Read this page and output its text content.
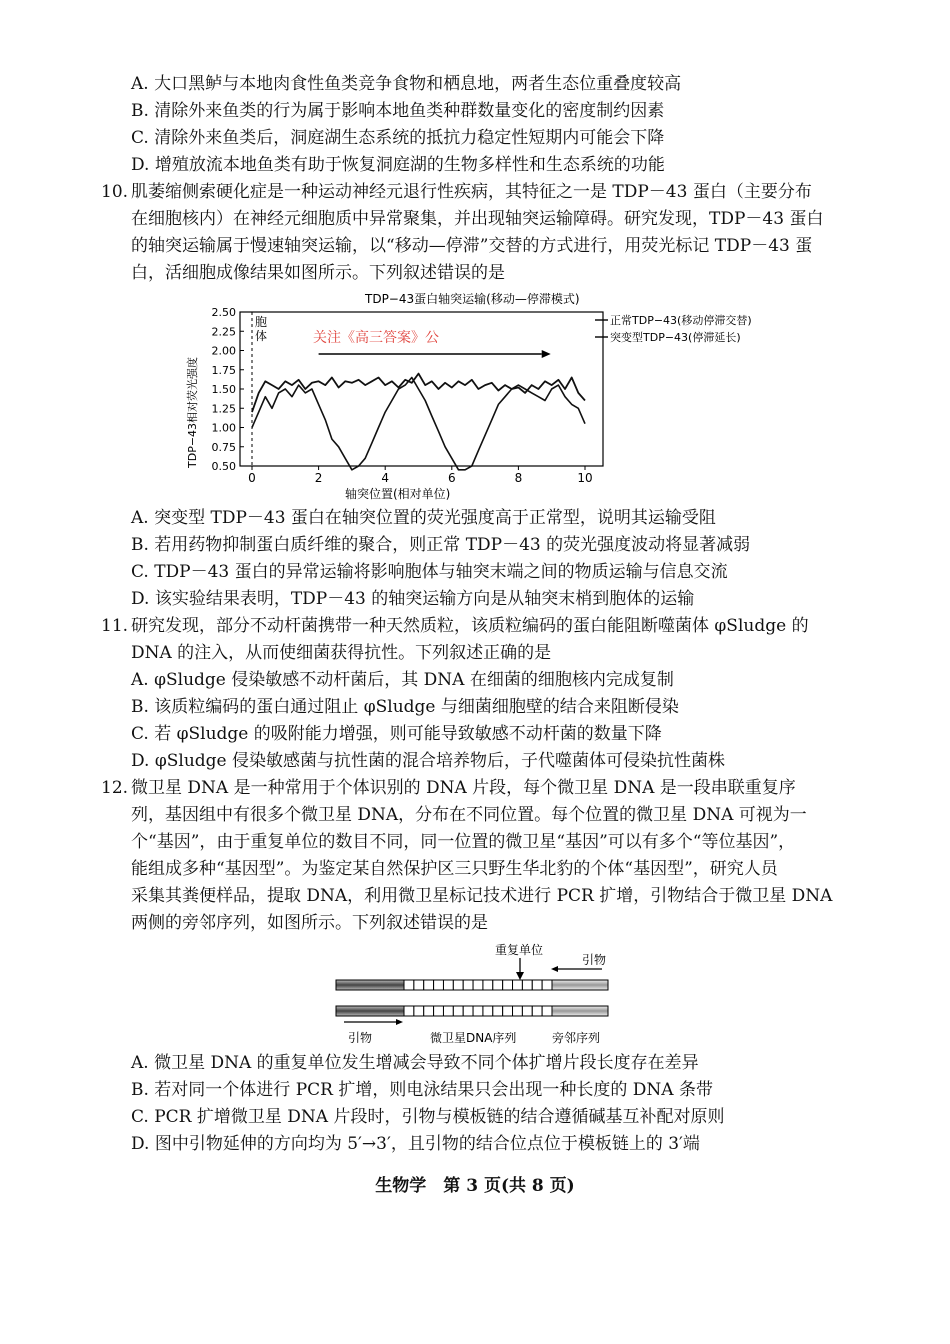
A. 大口黑鲈与本地肉食性鱼类竞争食物和栖息地，两者生态位重叠度较高
B. 清除外来鱼类的行为属于影响本地鱼类种群数量变化的密度制约因素
C. 清除外来鱼类后，洞庭湖生态系统的抵抗力稳定性短期内可能会下降
D. 增殖放流本地鱼类有助于恢复洞庭湖的生物多样性和生态系统的功能
10. 肌萎缩侧索硬化症是一种运动神经元退行性疾病，其特征之一是 TDP－43 蛋白（主要分布
在细胞核内）在神经元细胞质中异常聚集，并出现轴突运输障碍。研究发现，TDP－43 蛋白
的轴突运输属于慢速轴突运输，以“移动—停滞”交替的方式进行，用荧光标记 TDP－43 蛋
白，活细胞成像结果如图所示。下列叙述错误的是
TDP−43蛋白轴突运输(移动—停滞模式)
胞
体
2.50
2.25
2.00
1.75
1.50
1.25
1.00
0.75
0.50
0	2	4	6	8	10
轴突位置(相对单位)
TDP−43相对荧光强度
关注《高三答案》公
正常TDP−43(移动停滞交替)
突变型TDP−43(停滞延长)
A. 突变型 TDP－43 蛋白在轴突位置的荧光强度高于正常型，说明其运输受阻
B. 若用药物抑制蛋白质纤维的聚合，则正常 TDP－43 的荧光强度波动将显著减弱
C. TDP－43 蛋白的异常运输将影响胞体与轴突末端之间的物质运输与信息交流
D. 该实验结果表明，TDP－43 的轴突运输方向是从轴突末梢到胞体的运输
11. 研究发现，部分不动杆菌携带一种天然质粒，该质粒编码的蛋白能阻断噬菌体 φSludge 的
DNA 的注入，从而使细菌获得抗性。下列叙述正确的是
A. φSludge 侵染敏感不动杆菌后，其 DNA 在细菌的细胞核内完成复制
B. 该质粒编码的蛋白通过阻止 φSludge 与细菌细胞壁的结合来阻断侵染
C. 若 φSludge 的吸附能力增强，则可能导致敏感不动杆菌的数量下降
D. φSludge 侵染敏感菌与抗性菌的混合培养物后，子代噬菌体可侵染抗性菌株
12. 微卫星 DNA 是一种常用于个体识别的 DNA 片段，每个微卫星 DNA 是一段串联重复序
列，基因组中有很多个微卫星 DNA，分布在不同位置。每个位置的微卫星 DNA 可视为一
个“基因”，由于重复单位的数目不同，同一位置的微卫星“基因”可以有多个“等位基因”，
能组成多种“基因型”。为鉴定某自然保护区三只野生华北豹的个体“基因型”，研究人员
采集其粪便样品，提取 DNA，利用微卫星标记技术进行 PCR 扩增，引物结合于微卫星 DNA
两侧的旁邻序列，如图所示。下列叙述错误的是
重复单位
引物
引物	微卫星DNA序列	旁邻序列
A. 微卫星 DNA 的重复单位发生增减会导致不同个体扩增片段长度存在差异
B. 若对同一个体进行 PCR 扩增，则电泳结果只会出现一种长度的 DNA 条带
C. PCR 扩增微卫星 DNA 片段时，引物与模板链的结合遵循碱基互补配对原则
D. 图中引物延伸的方向均为 5′→3′，且引物的结合位点位于模板链上的 3′端
生物学　第 3 页(共 8 页)
